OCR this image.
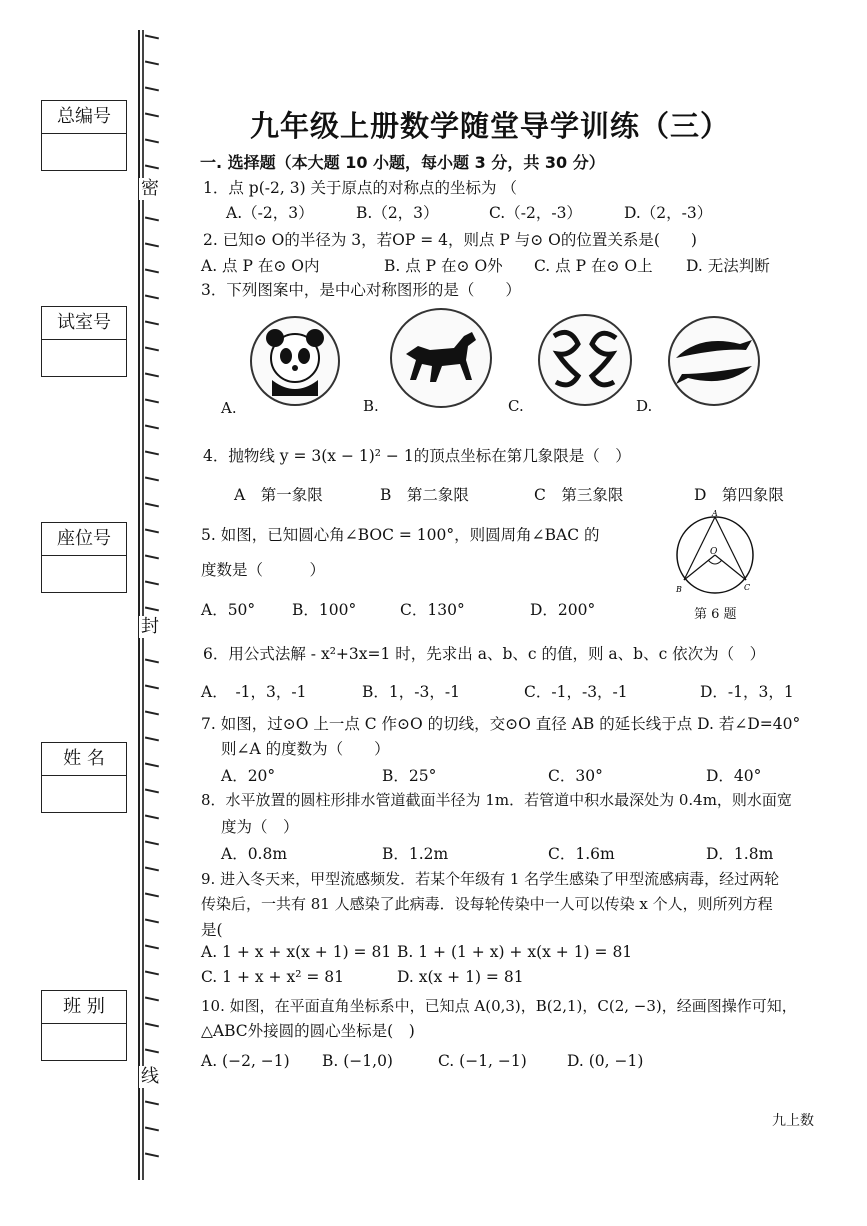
总编号
试室号
座位号
姓 名
班 别
密
封
线
九年级上册数学随堂导学训练（三）
一. 选择题（本大题 10 小题，每小题 3 分，共 30 分）
1．点 p(-2, 3) 关于原点的对称点的坐标为 （
A.（-2，3）	B.（2，3）	C.（-2，-3）	D.（2，-3）
2. 已知⊙ O的半径为 3，若OP = 4，则点 P 与⊙ O的位置关系是(　　)
A. 点 P 在⊙ O内	B. 点 P 在⊙ O外 C. 点 P 在⊙ O上 D. 无法判断
3．下列图案中，是中心对称图形的是（　　）
A.	B.	C.	D.
4．抛物线 y = 3(x − 1)² − 1的顶点坐标在第几象限是（　）
A　第一象限	B　第二象限	C　第三象限	D　第四象限
5. 如图，已知圆心角∠BOC = 100°，则圆周角∠BAC 的
度数是（　　　）
A．50° B．100°	C．130°	D．200°
A
O
B	C
第 6 题
6．用公式法解 - x²+3x=1 时，先求出 a、b、c 的值，则 a、b、c 依次为（　）
A．　-1，3，-1	B．1，-3，-1	C．-1，-3，-1	D．-1，3，1
7. 如图，过⊙O 上一点 C 作⊙O 的切线，交⊙O 直径 AB 的延长线于点 D. 若∠D=40°
则∠A 的度数为（　　）
A．20°	B．25°	C．30°	D．40°
8．水平放置的圆柱形排水管道截面半径为 1m．若管道中积水最深处为 0.4m，则水面宽
度为（　）
A．0.8m	B．1.2m	C．1.6m	D．1.8m
9. 进入冬天来，甲型流感频发．若某个年级有 1 名学生感染了甲型流感病毒，经过两轮
传染后，一共有 81 人感染了此病毒．设每轮传染中一人可以传染 x 个人，则所列方程
是(
A. 1 + x + x(x + 1) = 81 B. 1 + (1 + x) + x(x + 1) = 81
C. 1 + x + x² = 81	D. x(x + 1) = 81
10. 如图，在平面直角坐标系中，已知点 A(0,3)，B(2,1)，C(2, −3)，经画图操作可知，
△ABC外接圆的圆心坐标是(　)
A. (−2, −1) B. (−1,0)	C. (−1, −1)	D. (0, −1)
九上数
